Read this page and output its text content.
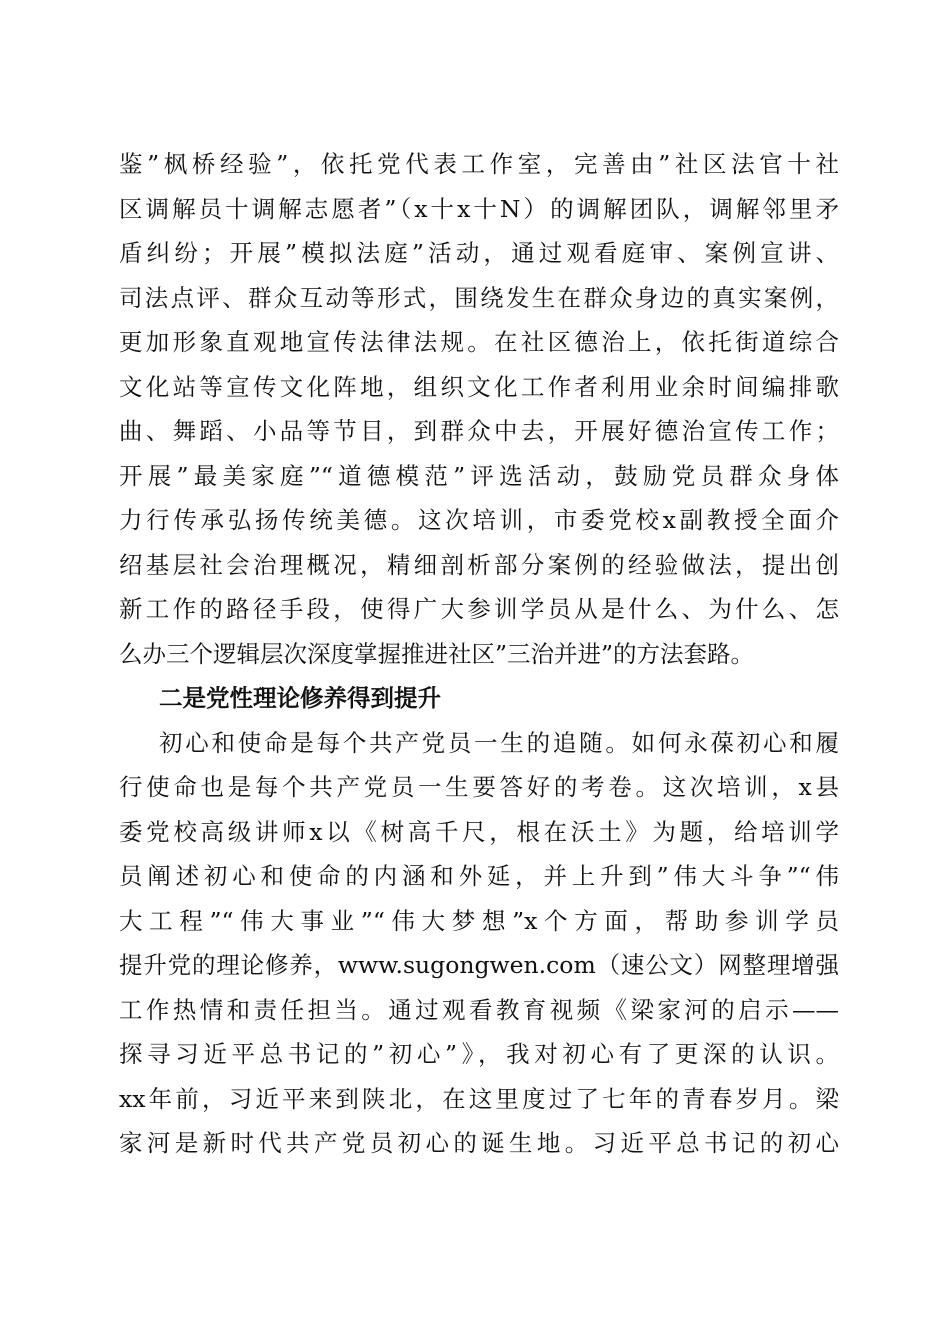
鉴”枫桥经验”，依托党代表工作室，完善由”社区法官十社
区调解员十调解志愿者”（x十x十N）的调解团队，调解邻里矛
盾纠纷；开展”模拟法庭”活动，通过观看庭审、案例宣讲、
司法点评、群众互动等形式，围绕发生在群众身边的真实案例，
更加形象直观地宣传法律法规。在社区德治上，依托街道综合
文化站等宣传文化阵地，组织文化工作者利用业余时间编排歌
曲、舞蹈、小品等节目，到群众中去，开展好德治宣传工作；
开展”最美家庭”“道德模范”评选活动，鼓励党员群众身体
力行传承弘扬传统美德。这次培训，市委党校x副教授全面介
绍基层社会治理概况，精细剖析部分案例的经验做法，提出创
新工作的路径手段，使得广大参训学员从是什么、为什么、怎
么办三个逻辑层次深度掌握推进社区”三治并进”的方法套路。
二是党性理论修养得到提升
初心和使命是每个共产党员一生的追随。如何永葆初心和履
行使命也是每个共产党员一生要答好的考卷。这次培训，x县
委党校高级讲师x以《树高千尺，根在沃土》为题，给培训学
员阐述初心和使命的内涵和外延，并上升到”伟大斗争”“伟
大工程”“伟大事业”“伟大梦想”x个方面，帮助参训学员
提升党的理论修养，www.sugongwen.com（速公文）网整理增强
工作热情和责任担当。通过观看教育视频《梁家河的启示——
探寻习近平总书记的”初心”》，我对初心有了更深的认识。
xx年前，习近平来到陕北，在这里度过了七年的青春岁月。梁
家河是新时代共产党员初心的诞生地。习近平总书记的初心
